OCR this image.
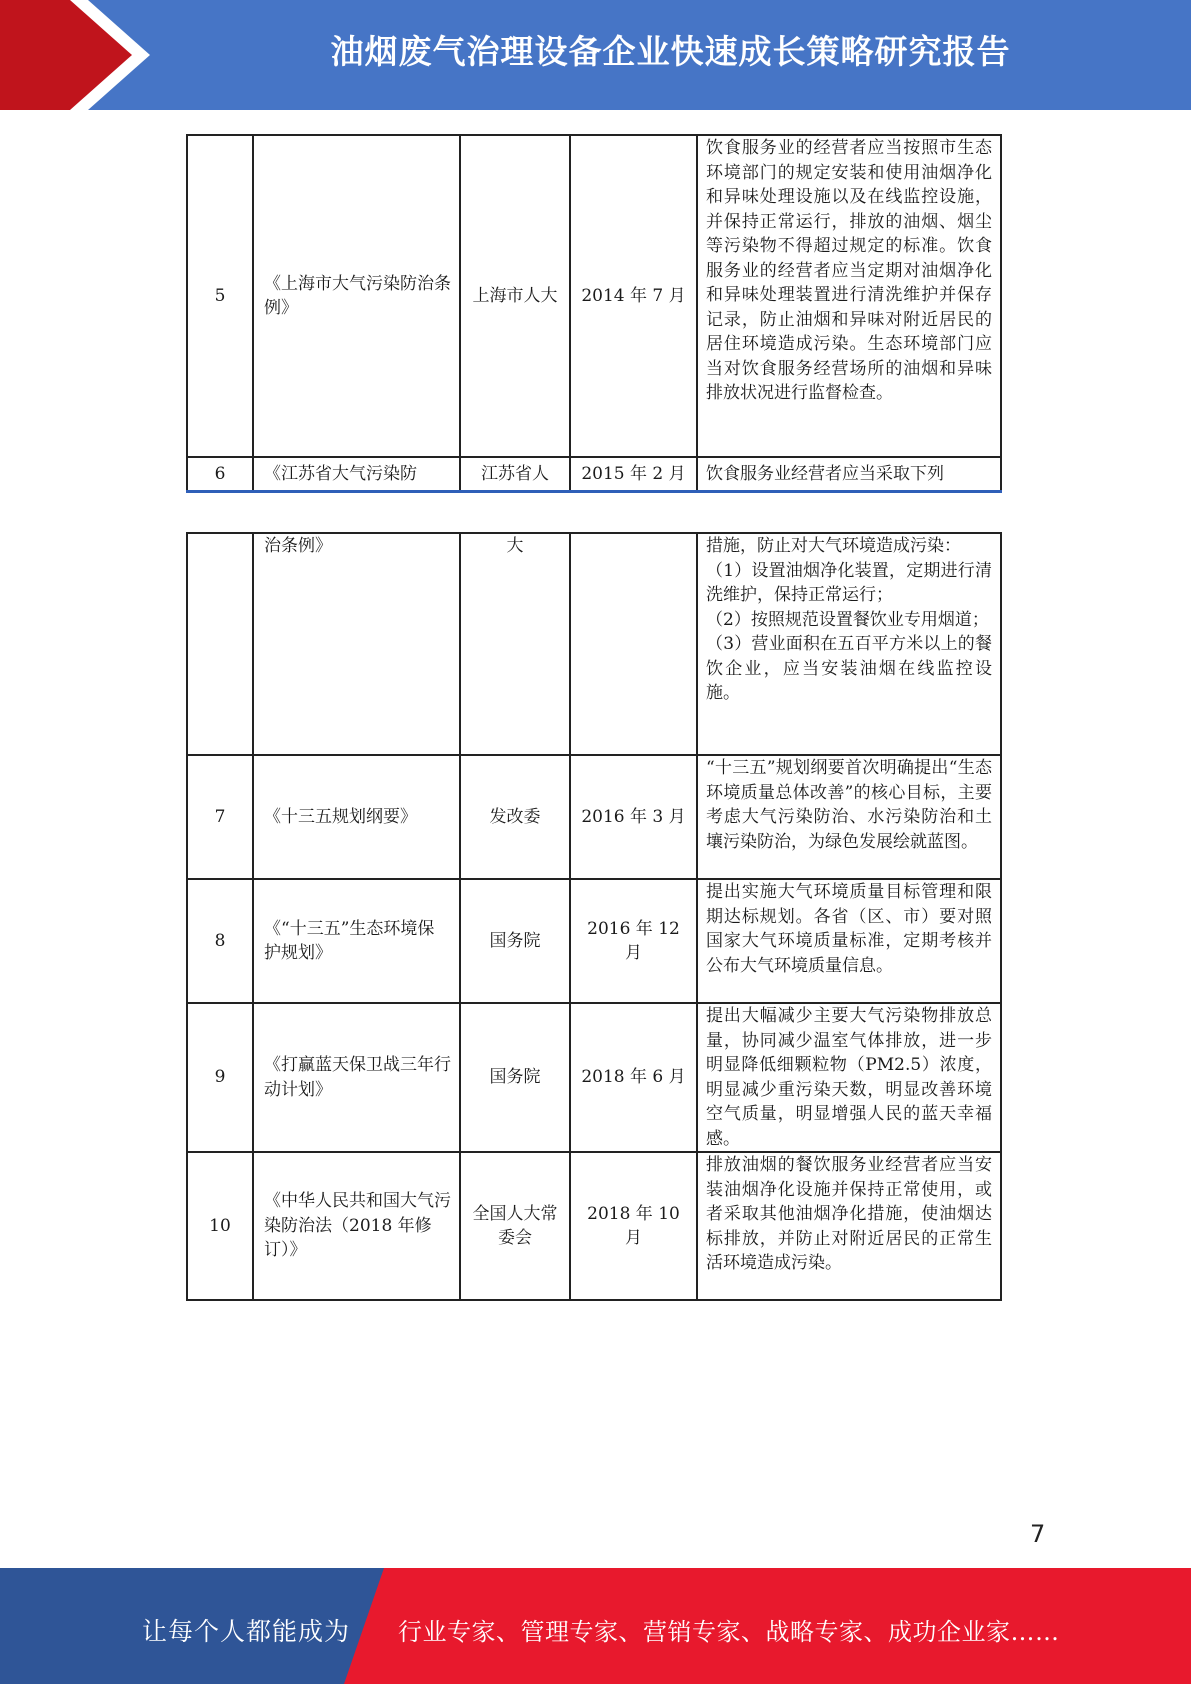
油烟废气治理设备企业快速成长策略研究报告
5	《上海市大气污染防治条例》	上海市人大	2014 年 7 月	饮食服务业的经营者应当按照市生态环境部门的规定安装和使用油烟净化和异味处理设施以及在线监控设施，并保持正常运行，排放的油烟、烟尘等污染物不得超过规定的标准。饮食服务业的经营者应当定期对油烟净化和异味处理装置进行清洗维护并保存记录，防止油烟和异味对附近居民的居住环境造成污染。生态环境部门应当对饮食服务经营场所的油烟和异味排放状况进行监督检查。
6	《江苏省大气污染防	江苏省人	2015 年 2 月	饮食服务业经营者应当采取下列
	治条例》	大		措施，防止对大气环境造成污染：
（1）设置油烟净化装置，定期进行清洗维护，保持正常运行；
（2）按照规范设置餐饮业专用烟道；
（3）营业面积在五百平方米以上的餐饮企业，应当安装油烟在线监控设施。

7	《十三五规划纲要》	发改委	2016 年 3 月	“十三五”规划纲要首次明确提出“生态环境质量总体改善”的核心目标，主要考虑大气污染防治、水污染防治和土壤污染防治，为绿色发展绘就蓝图。
8	《“十三五”生态环境保护规划》	国务院	2016 年 12 月	提出实施大气环境质量目标管理和限期达标规划。各省（区、市）要对照国家大气环境质量标准，定期考核并公布大气环境质量信息。
9	《打赢蓝天保卫战三年行动计划》	国务院	2018 年 6 月	提出大幅减少主要大气污染物排放总量，协同减少温室气体排放，进一步明显降低细颗粒物（PM2.5）浓度，明显减少重污染天数，明显改善环境空气质量，明显增强人民的蓝天幸福感。
10	《中华人民共和国大气污染防治法（2018 年修订）》	全国人大常委会	2018 年 10 月	排放油烟的餐饮服务业经营者应当安装油烟净化设施并保持正常使用，或者采取其他油烟净化措施，使油烟达标排放，并防止对附近居民的正常生活环境造成污染。
7
让每个人都能成为 行业专家、管理专家、营销专家、战略专家、成功企业家……
